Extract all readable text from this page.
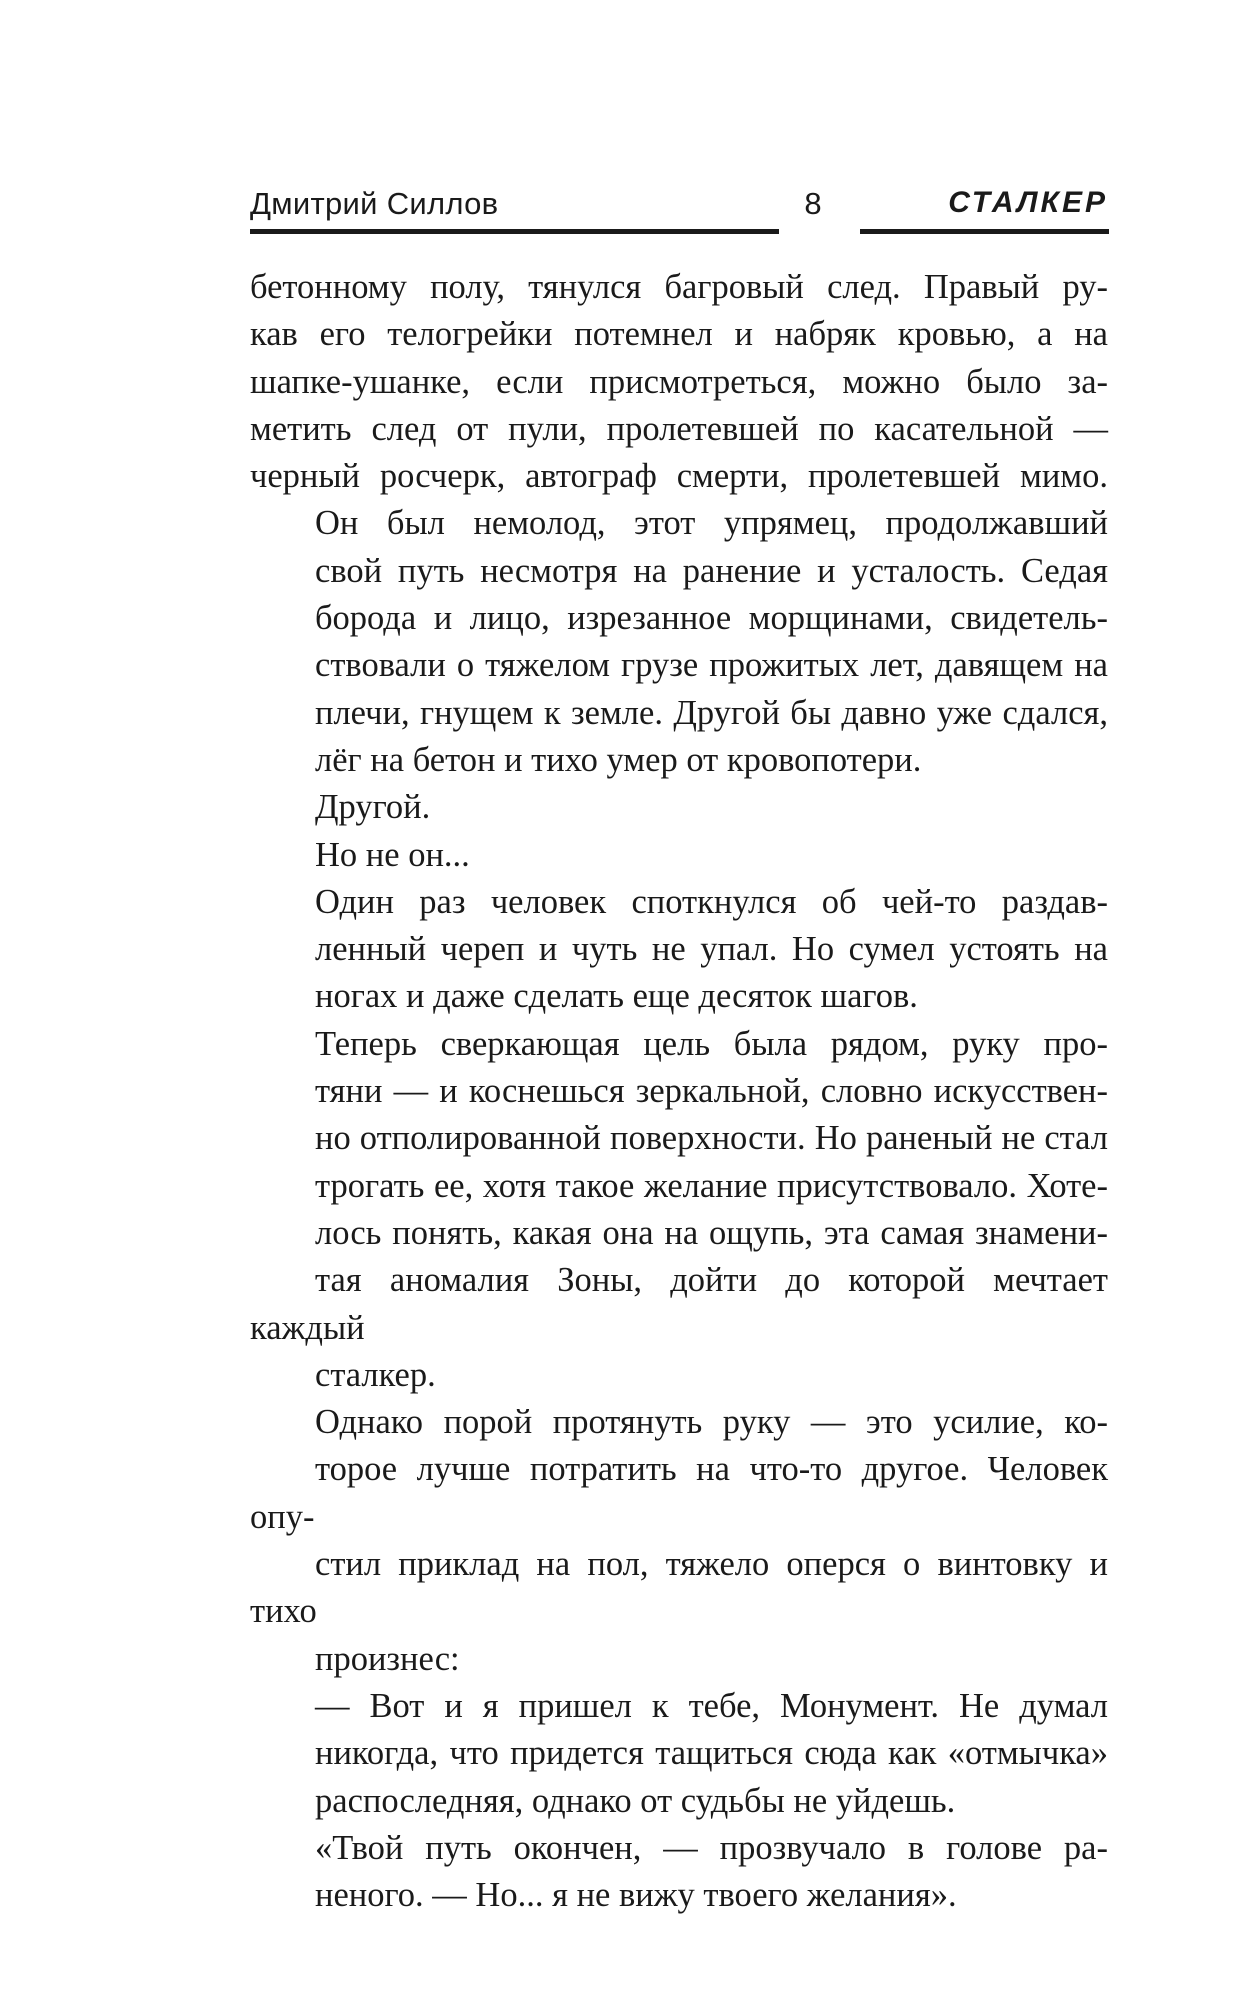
Дмитрий Силлов	8	СТАЛКЕР

бетонному полу, тянулся багровый след. Правый ру-
кав его телогрейки потемнел и набряк кровью, а на
шапке-ушанке, если присмотреться, можно было за-
метить след от пули, пролетевшей по касательной —
черный росчерк, автограф смерти, пролетевшей мимо.

Он был немолод, этот упрямец, продолжавший
свой путь несмотря на ранение и усталость. Седая
борода и лицо, изрезанное морщинами, свидетель-
ствовали о тяжелом грузе прожитых лет, давящем на
плечи, гнущем к земле. Другой бы давно уже сдался,
лёг на бетон и тихо умер от кровопотери.

Другой.

Но не он...

Один раз человек споткнулся об чей-то раздав-
ленный череп и чуть не упал. Но сумел устоять на
ногах и даже сделать еще десяток шагов.

Теперь сверкающая цель была рядом, руку про-
тяни — и коснешься зеркальной, словно искусствен-
но отполированной поверхности. Но раненый не стал
трогать ее, хотя такое желание присутствовало. Хоте-
лось понять, какая она на ощупь, эта самая знамени-
тая аномалия Зоны, дойти до которой мечтает каждый
сталкер.

Однако порой протянуть руку — это усилие, ко-
торое лучше потратить на что-то другое. Человек опу-
стил приклад на пол, тяжело оперся о винтовку и тихо
произнес:

— Вот и я пришел к тебе, Монумент. Не думал
никогда, что придется тащиться сюда как «отмычка»
распоследняя, однако от судьбы не уйдешь.

«Твой путь окончен, — прозвучало в голове ра-
неного. — Но... я не вижу твоего желания».
